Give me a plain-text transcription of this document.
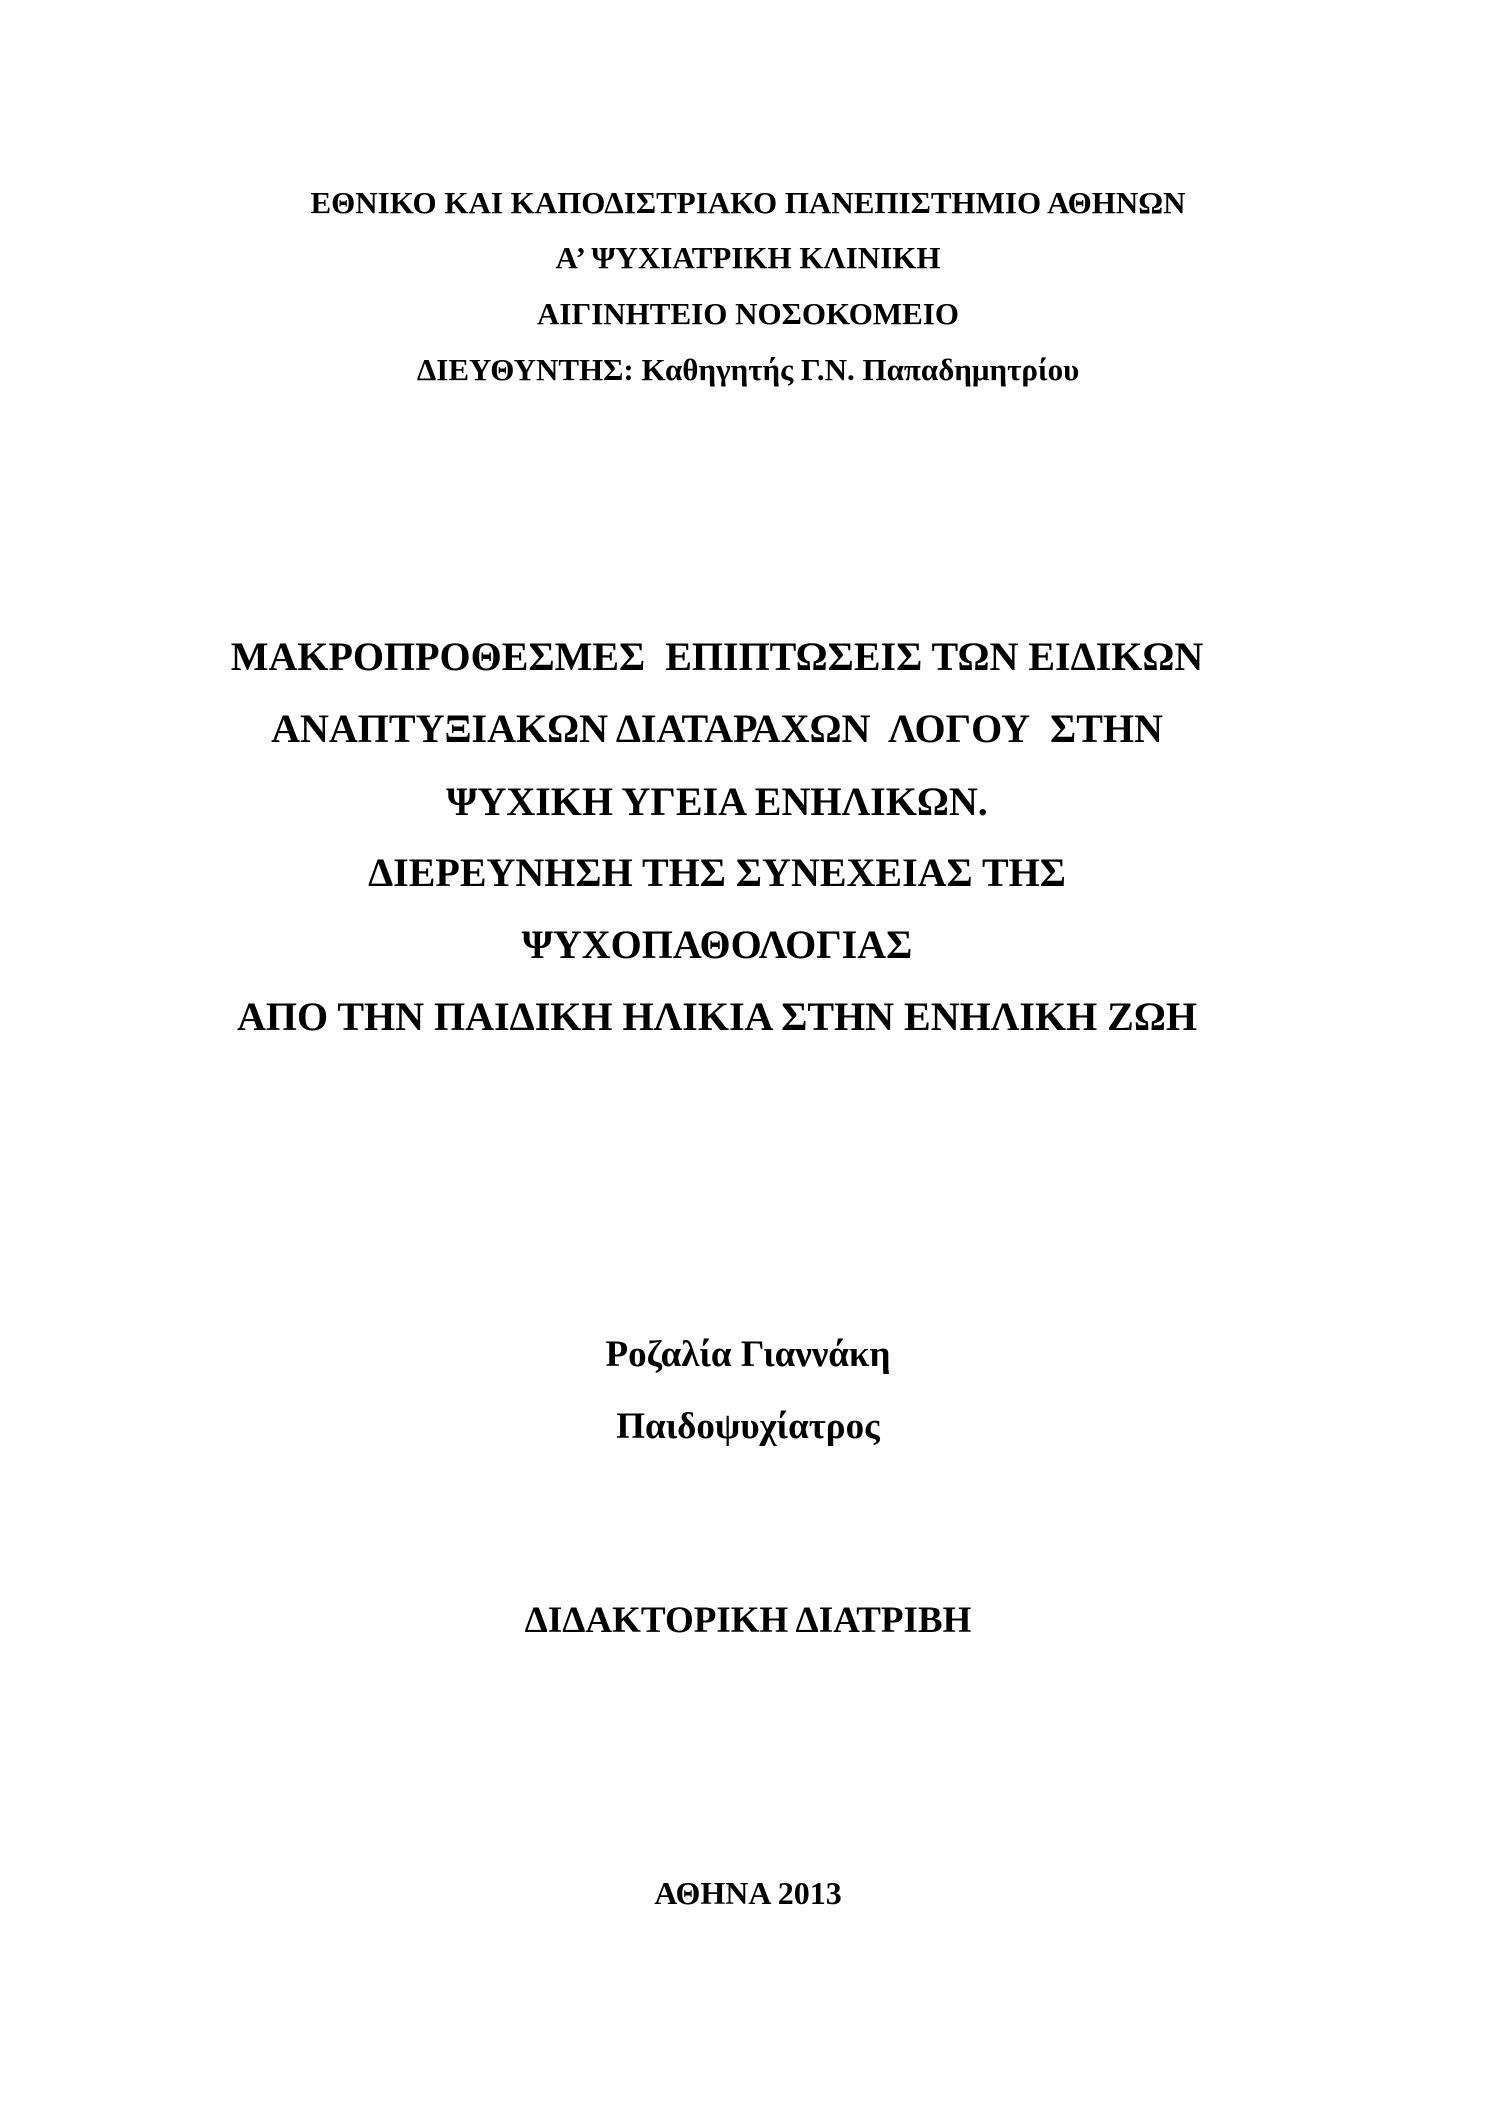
ΕΘΝΙΚΟ ΚΑΙ ΚΑΠΟΔΙΣΤΡΙΑΚΟ ΠΑΝΕΠΙΣΤΗΜΙΟ ΑΘΗΝΩΝ
Α’ ΨΥΧΙΑΤΡΙΚΗ ΚΛΙΝΙΚΗ
ΑΙΓΙΝΗΤΕΙΟ ΝΟΣΟΚΟΜΕΙΟ
ΔΙΕΥΘΥΝΤΗΣ: Καθηγητής Γ.Ν. Παπαδημητρίου
ΜΑΚΡΟΠΡΟΘΕΣΜΕΣ  ΕΠΙΠΤΩΣΕΙΣ ΤΩΝ ΕΙΔΙΚΩΝ
ΑΝΑΠΤΥΞΙΑΚΩΝ ΔΙΑΤΑΡΑΧΩΝ  ΛΟΓΟΥ  ΣΤΗΝ
ΨΥΧΙΚΗ ΥΓΕΙΑ ΕΝΗΛΙΚΩΝ.
ΔΙΕΡΕΥΝΗΣΗ ΤΗΣ ΣΥΝΕΧΕΙΑΣ ΤΗΣ
ΨΥΧΟΠΑΘΟΛΟΓΙΑΣ
ΑΠΟ ΤΗΝ ΠΑΙΔΙΚΗ ΗΛΙΚΙΑ ΣΤΗΝ ΕΝΗΛΙΚΗ ΖΩΗ
Ροζαλία Γιαννάκη
Παιδοψυχίατρος
ΔΙΔΑΚΤΟΡΙΚΗ ΔΙΑΤΡΙΒΗ
ΑΘΗΝΑ 2013
